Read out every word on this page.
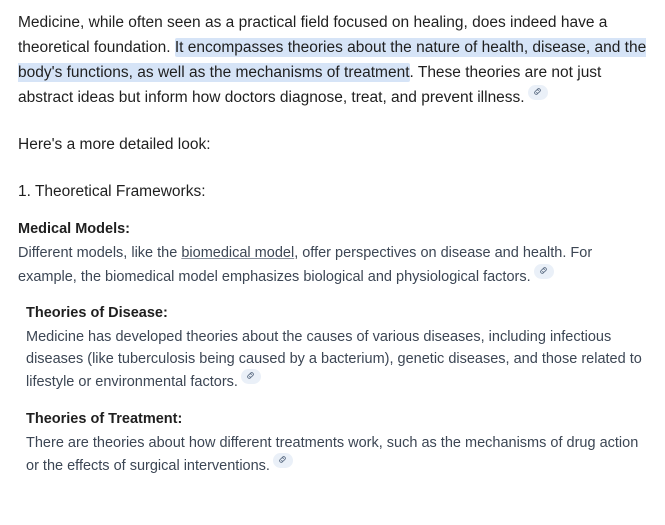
Medicine, while often seen as a practical field focused on healing, does indeed have a theoretical foundation. It encompasses theories about the nature of health, disease, and the body's functions, as well as the mechanisms of treatment. These theories are not just abstract ideas but inform how doctors diagnose, treat, and prevent illness.

Here's a more detailed look:

1. Theoretical Frameworks:

Medical Models:

Different models, like the biomedical model, offer perspectives on disease and health. For example, the biomedical model emphasizes biological and physiological factors.

Theories of Disease:

Medicine has developed theories about the causes of various diseases, including infectious diseases (like tuberculosis being caused by a bacterium), genetic diseases, and those related to lifestyle or environmental factors.

Theories of Treatment:

There are theories about how different treatments work, such as the mechanisms of drug action or the effects of surgical interventions.
